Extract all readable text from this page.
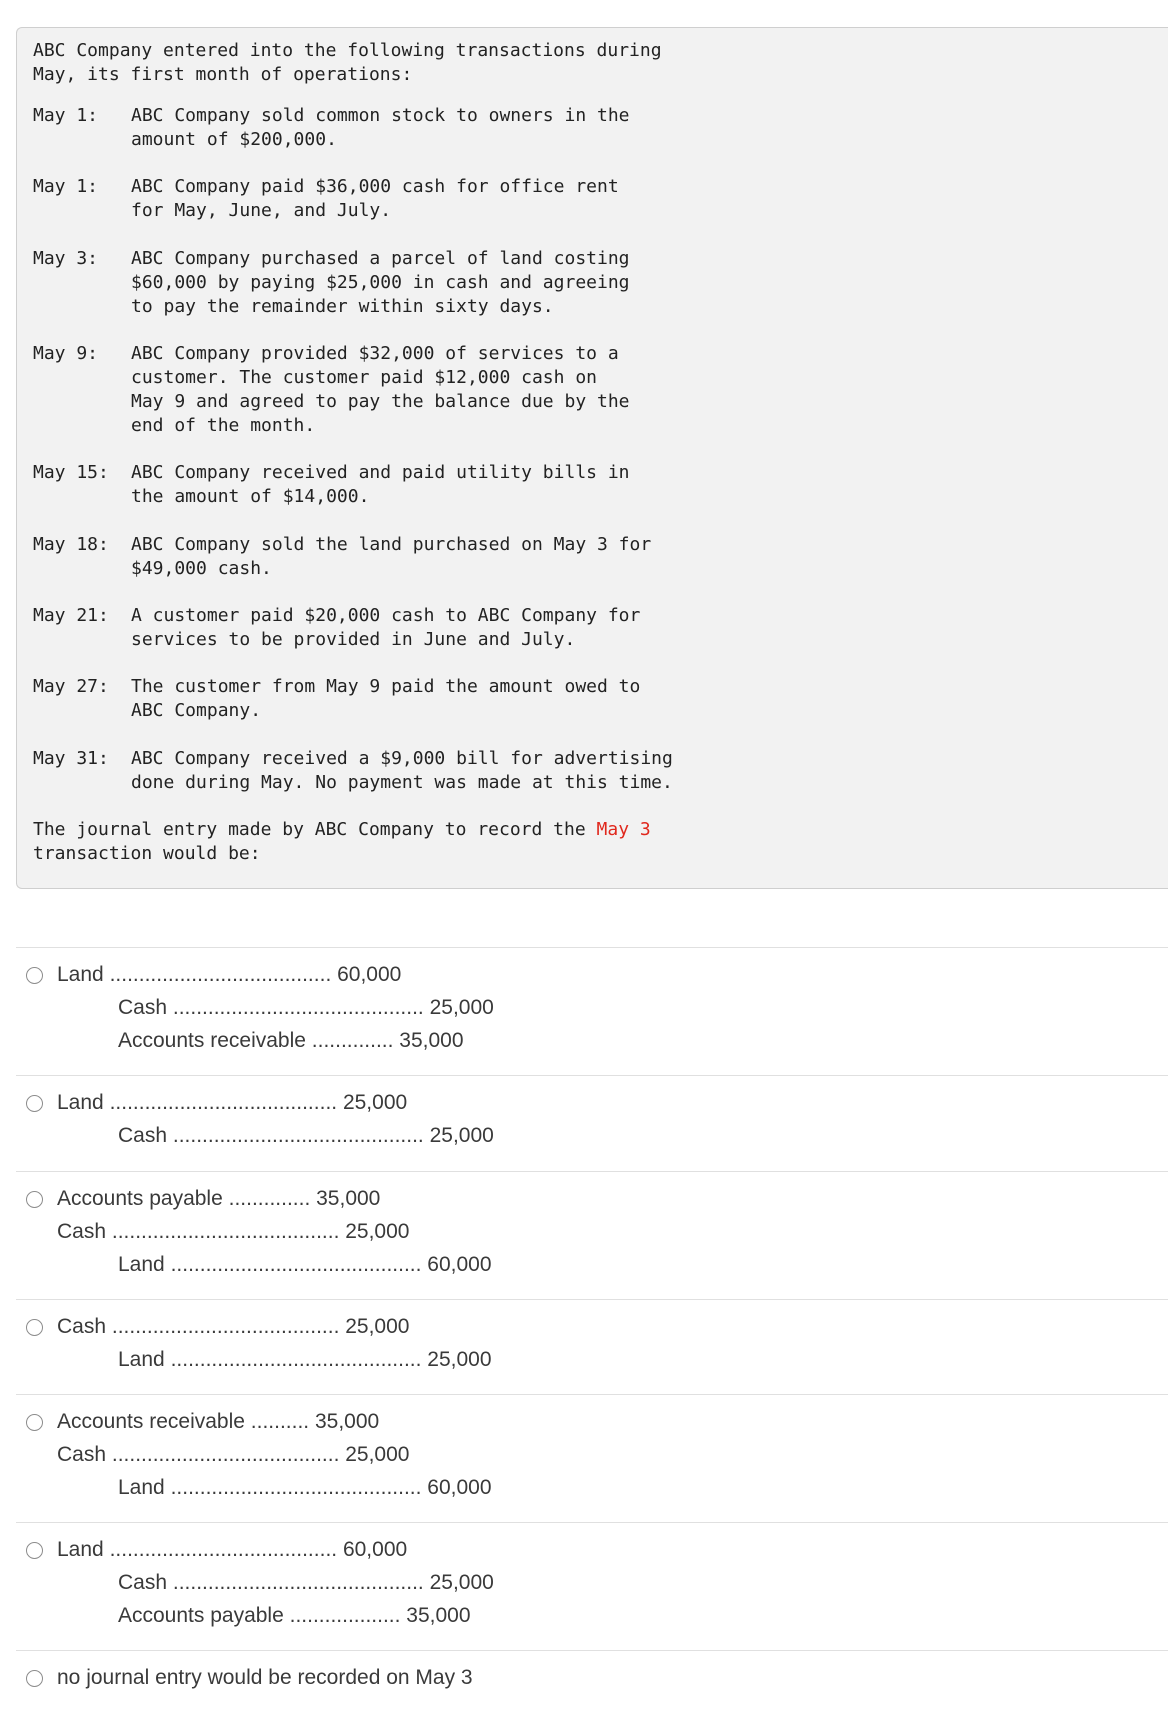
ABC Company entered into the following transactions during
May, its first month of operations:
May 1: ABC Company sold common stock to owners in the
amount of $200,000.
May 1: ABC Company paid $36,000 cash for office rent
for May, June, and July.
May 3: ABC Company purchased a parcel of land costing
$60,000 by paying $25,000 in cash and agreeing
to pay the remainder within sixty days.
May 9: ABC Company provided $32,000 of services to a
customer. The customer paid $12,000 cash on
May 9 and agreed to pay the balance due by the
end of the month.
May 15: ABC Company received and paid utility bills in
the amount of $14,000.
May 18: ABC Company sold the land purchased on May 3 for
$49,000 cash.
May 21: A customer paid $20,000 cash to ABC Company for
services to be provided in June and July.
May 27: The customer from May 9 paid the amount owed to
ABC Company.
May 31: ABC Company received a $9,000 bill for advertising
done during May. No payment was made at this time.
The journal entry made by ABC Company to record the May 3
transaction would be:
Land ...................................... 60,000
Cash ........................................... 25,000
Accounts receivable .............. 35,000
Land ....................................... 25,000
Cash ........................................... 25,000
Accounts payable .............. 35,000
Cash ....................................... 25,000
Land ........................................... 60,000
Cash ....................................... 25,000
Land ........................................... 25,000
Accounts receivable .......... 35,000
Cash ....................................... 25,000
Land ........................................... 60,000
Land ....................................... 60,000
Cash ........................................... 25,000
Accounts payable ................... 35,000
no journal entry would be recorded on May 3
